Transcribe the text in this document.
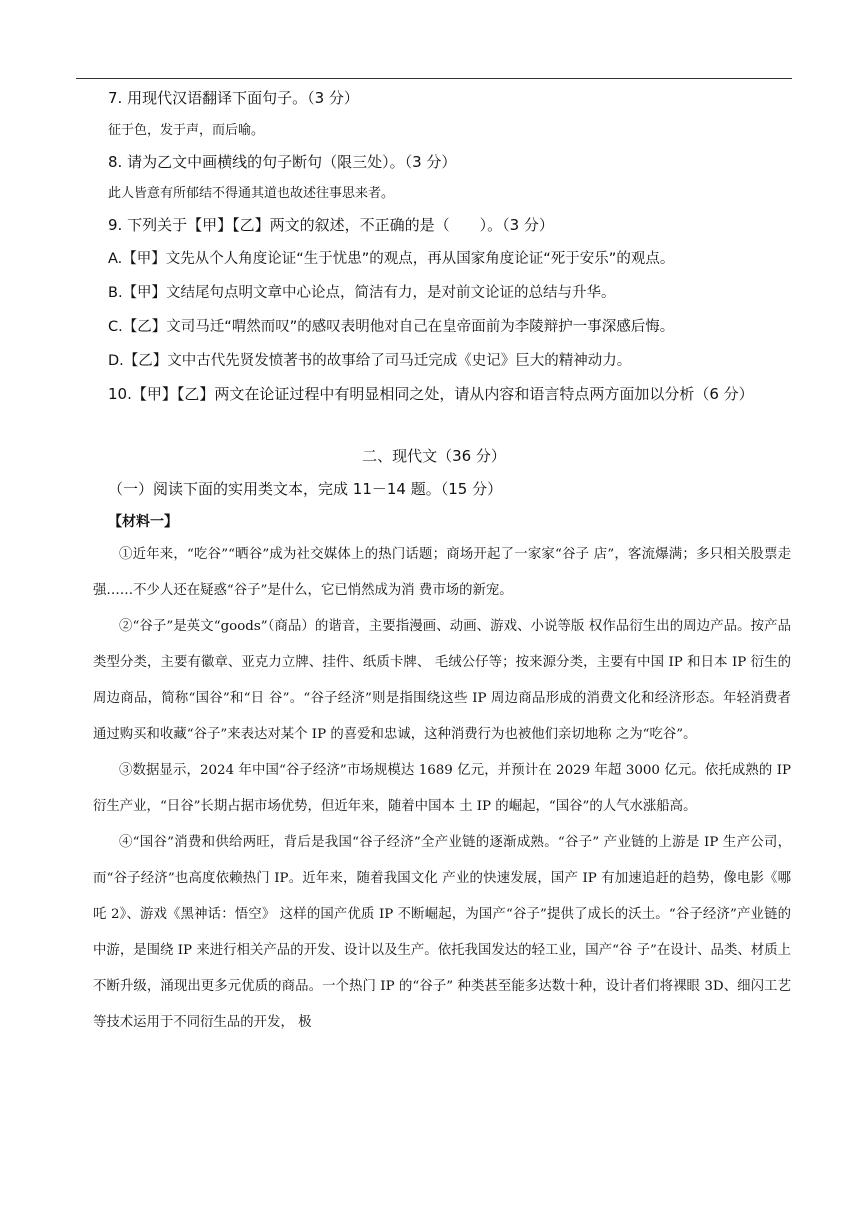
7. 用现代汉语翻译下面句子。（3 分）

征于色，发于声，而后喻。

8. 请为乙文中画横线的句子断句（限三处）。（3 分）

此人皆意有所郁结不得通其道也故述往事思来者。

9. 下列关于【甲】【乙】两文的叙述，不正确的是（　　）。（3 分）

A.【甲】文先从个人角度论证“生于忧患”的观点，再从国家角度论证“死于安乐”的观点。

B.【甲】文结尾句点明文章中心论点，简洁有力，是对前文论证的总结与升华。

C.【乙】文司马迁“喟然而叹”的感叹表明他对自己在皇帝面前为李陵辩护一事深感后悔。

D.【乙】文中古代先贤发愤著书的故事给了司马迁完成《史记》巨大的精神动力。

10.【甲】【乙】两文在论证过程中有明显相同之处，请从内容和语言特点两方面加以分析（6 分）

二、现代文（36 分）

（一）阅读下面的实用类文本，完成 11－14 题。（15 分）

【材料一】

①近年来，“吃谷”“晒谷”成为社交媒体上的热门话题；商场开起了一家家“谷子 店”，客流爆满；多只相关股票走强……不少人还在疑惑“谷子”是什么，它已悄然成为消 费市场的新宠。

②“谷子”是英文“goods”（商品）的谐音，主要指漫画、动画、游戏、小说等版 权作品衍生出的周边产品。按产品类型分类，主要有徽章、亚克力立牌、挂件、纸质卡牌、 毛绒公仔等；按来源分类，主要有中国 IP 和日本 IP 衍生的周边商品，简称“国谷”和“日 谷”。“谷子经济”则是指围绕这些 IP 周边商品形成的消费文化和经济形态。年轻消费者 通过购买和收藏“谷子”来表达对某个 IP 的喜爱和忠诚，这种消费行为也被他们亲切地称 之为“吃谷”。

③数据显示，2024 年中国“谷子经济”市场规模达 1689 亿元，并预计在 2029 年超 3000 亿元。依托成熟的 IP 衍生产业，“日谷”长期占据市场优势，但近年来，随着中国本 土 IP 的崛起，“国谷”的人气水涨船高。

④“国谷”消费和供给两旺，背后是我国“谷子经济”全产业链的逐渐成熟。“谷子” 产业链的上游是 IP 生产公司，而“谷子经济”也高度依赖热门 IP。近年来，随着我国文化 产业的快速发展，国产 IP 有加速追赶的趋势，像电影《哪吒 2》、游戏《黑神话：悟空》 这样的国产优质 IP 不断崛起，为国产“谷子”提供了成长的沃土。“谷子经济”产业链的 中游，是围绕 IP 来进行相关产品的开发、设计以及生产。依托我国发达的轻工业，国产“谷 子”在设计、品类、材质上不断升级，涌现出更多元优质的商品。一个热门 IP 的“谷子” 种类甚至能多达数十种，设计者们将裸眼 3D、细闪工艺等技术运用于不同衍生品的开发， 极
